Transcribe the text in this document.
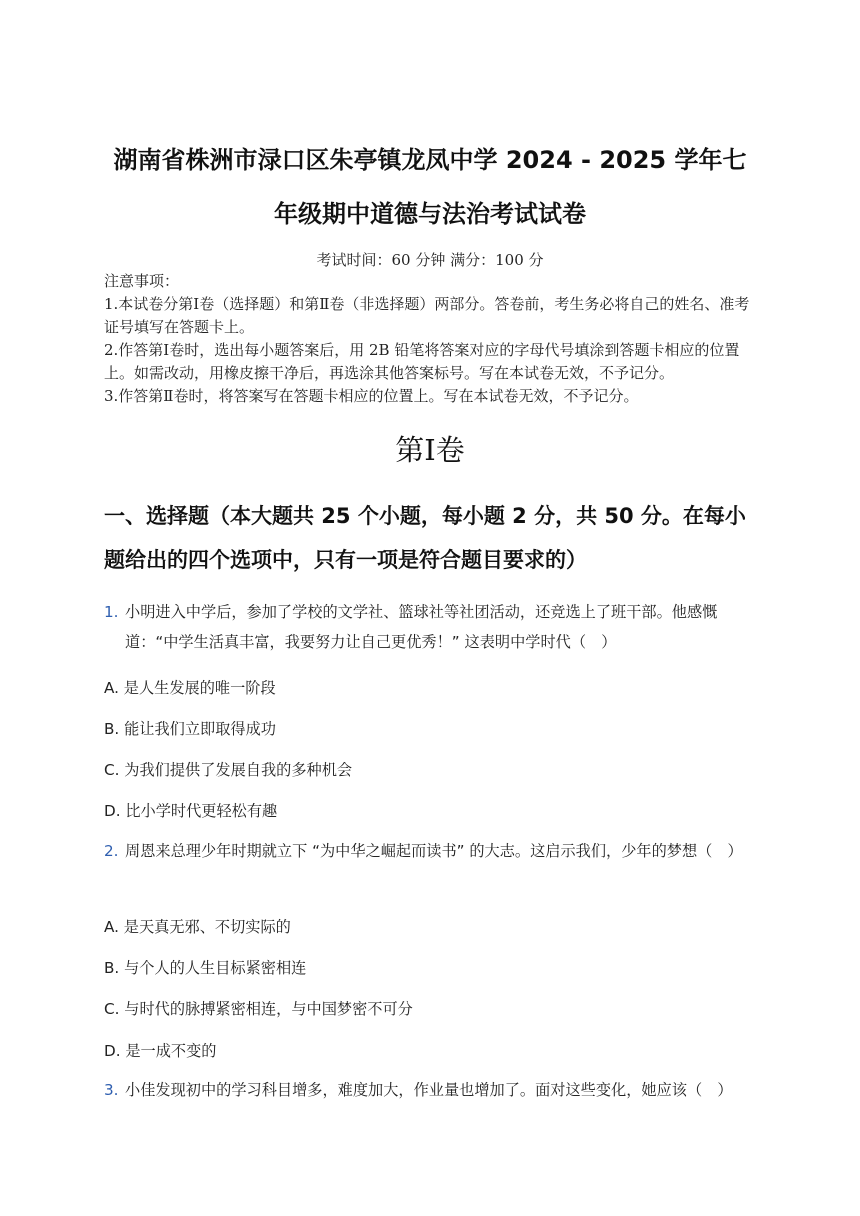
湖南省株洲市渌口区朱亭镇龙凤中学 2024 - 2025 学年七
年级期中道德与法治考试试卷
考试时间：60 分钟 满分：100 分

注意事项：

1.本试卷分第Ⅰ卷（选择题）和第Ⅱ卷（非选择题）两部分。答卷前，考生务必将自己的姓名、准考证号填写在答题卡上。

2.作答第Ⅰ卷时，选出每小题答案后，用 2B 铅笔将答案对应的字母代号填涂到答题卡相应的位置上。如需改动，用橡皮擦干净后，再选涂其他答案标号。写在本试卷无效，不予记分。

3.作答第Ⅱ卷时，将答案写在答题卡相应的位置上。写在本试卷无效，不予记分。

第Ⅰ卷
一、选择题（本大题共 25 个小题，每小题 2 分，共 50 分。在每小题给出的四个选项中，只有一项是符合题目要求的）
1. 小明进入中学后，参加了学校的文学社、篮球社等社团活动，还竞选上了班干部。他感慨道：“中学生活真丰富，我要努力让自己更优秀！” 这表明中学时代（　）
A. 是人生发展的唯一阶段
B. 能让我们立即取得成功
C. 为我们提供了发展自我的多种机会
D. 比小学时代更轻松有趣
2. 周恩来总理少年时期就立下 “为中华之崛起而读书” 的大志。这启示我们，少年的梦想（　）
A. 是天真无邪、不切实际的
B. 与个人的人生目标紧密相连
C. 与时代的脉搏紧密相连，与中国梦密不可分
D. 是一成不变的
3. 小佳发现初中的学习科目增多，难度加大，作业量也增加了。面对这些变化，她应该（　）
